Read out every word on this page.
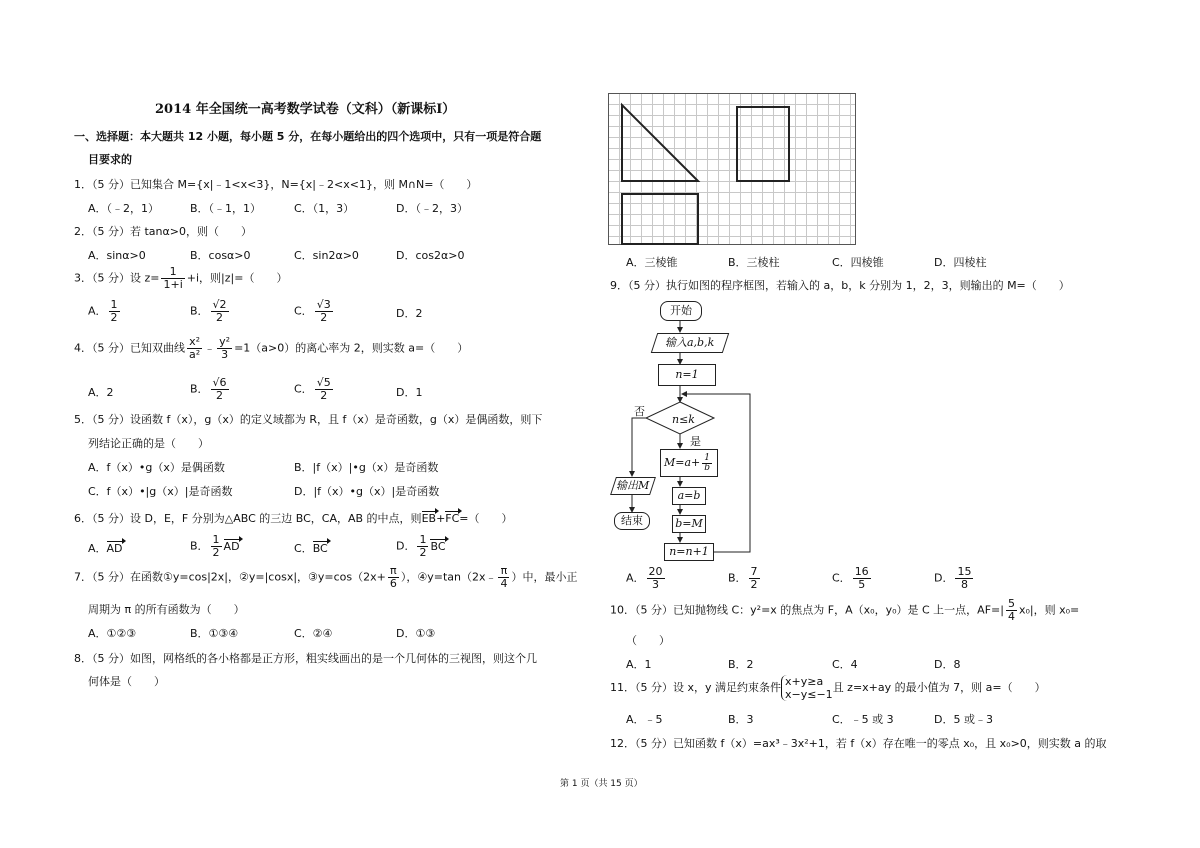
2014 年全国统一高考数学试卷（文科）（新课标Ⅰ）
一、选择题：本大题共 12 小题，每小题 5 分，在每小题给出的四个选项中，只有一项是符合题
目要求的
1．（5 分）已知集合 M={x|﹣1<x<3}，N={x|﹣2<x<1}，则 M∩N=（　　）
A．（﹣2，1）	B．（﹣1，1）	C．（1，3）	D．（﹣2，3）
2．（5 分）若 tanα>0，则（　　）
A．sinα>0	B．cosα>0	C．sin2α>0	D．cos2α>0
3．（5 分）设 $z= \frac{1}{1+i} +i$，则|z|=（　　）
A． $\frac{1}{2}$	B． $\frac{√2}{2}$	C． $\frac{√3}{2}$	D．2
4．（5 分）已知双曲线 $\frac{\text{x²}}{\text{a²}}$ ﹣ $\frac{\text{y²}}{3} =1(a>0)$的离心率为 2，则实数 a=（　　）
A．2	B． $\frac{√6}{2}$	C． $\frac{√5}{2}$	D．1
5．（5 分）设函数 f（x），g（x）的定义域都为 R，且 f（x）是奇函数，g（x）是偶函数，则下
列结论正确的是（　　）
A．f（x）•g（x）是偶函数	B．|f（x）|•g（x）是奇函数
C．f（x）•|g（x）|是奇函数	D．|f（x）•g（x）|是奇函数
6．（5 分）设 D，E，F 分别为△ABC 的三边 BC，CA，AB 的中点，则EB+FC=（　　）
A．AD	B． $\frac{1}{2}$ AD	C．BC	D． $\frac{1}{2}$ BC
7．（5 分）在函数①y=cos|2x|，②y=|cosx|，③y=cos（2x+ $\frac{\pi}{6}$ ），④y=tan（2x﹣ $\frac{\pi}{4}$ ）中，最小正
周期为 π 的所有函数为（　　）
A．①②③	B．①③④	C．②④	D．①③
8．（5 分）如图，网格纸的各小格都是正方形，粗实线画出的是一个几何体的三视图，则这个几
何体是（　　）
A．三棱锥	B．三棱柱	C．四棱锥	D．四棱柱
9．（5 分）执行如图的程序框图，若输入的 a，b，k 分别为 1，2，3，则输出的 M=（　　）
开始
输入a,b,k
n=1
n≤k
否
是
$M=a+ \frac{1}{b}$
a=b
b=M
n=n+1
输出M
结束
A． $\frac{20}{3}$	B． $\frac{7}{2}$	C． $\frac{16}{5}$	D． $\frac{15}{8}$
10．（5 分）已知抛物线 C：y²=x 的焦点为 F，A（x₀，y₀）是 C 上一点，$AF=| \frac{5}{4} x_0|$，则 x₀=
（　　）
A．1	B．2	C．4	D．8
11．（5 分）设 x，y 满足约束条件 x+y≥a
x−y≤−1
且 z=x+ay 的最小值为 7，则 a=（　　）
A．﹣5	B．3	C．﹣5 或 3	D．5 或﹣3
12．（5 分）已知函数 f（x）=ax³﹣3x²+1，若 f（x）存在唯一的零点 x₀，且 x₀>0，则实数 a 的取
第 1 页（共 15 页）
